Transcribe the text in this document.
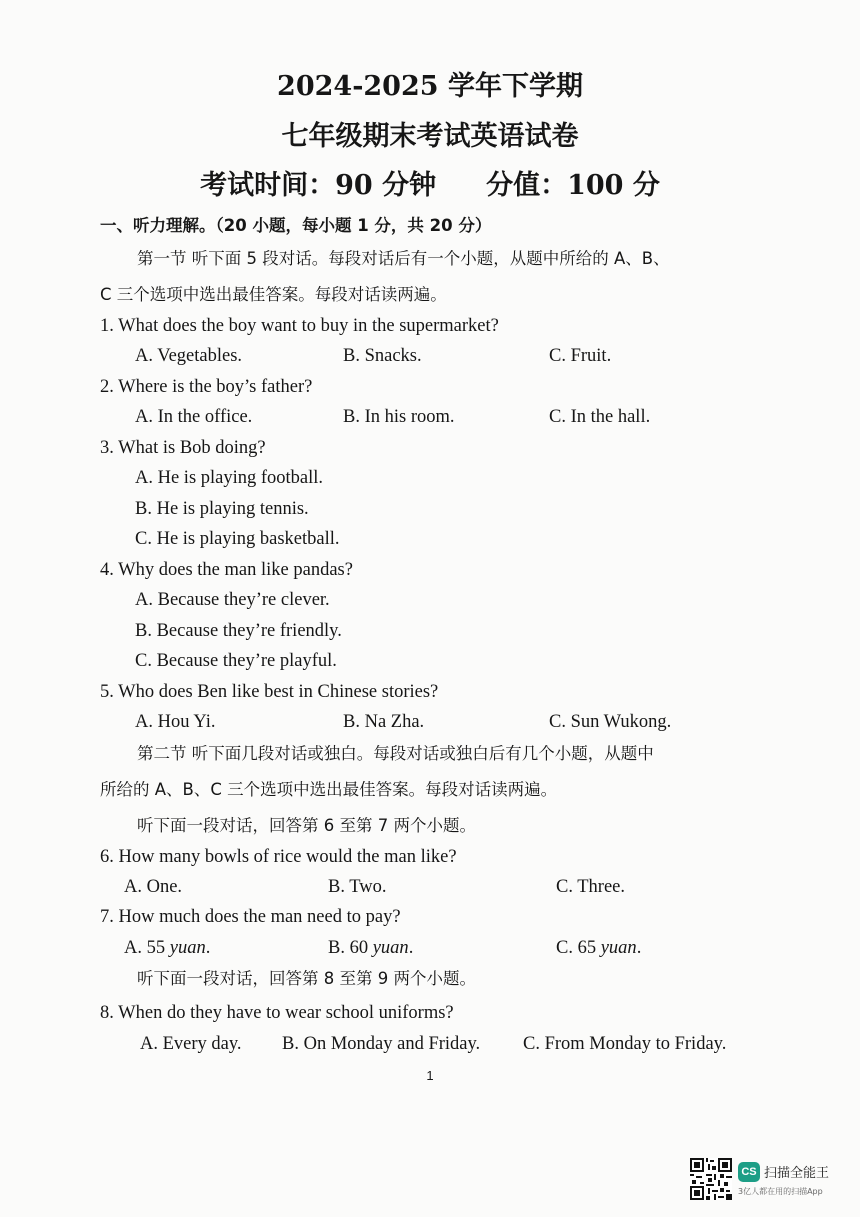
2024-2025 学年下学期
七年级期末考试英语试卷
考试时间：90 分钟 分值：100 分
一、听力理解。（20 小题，每小题 1 分，共 20 分）
第一节 听下面 5 段对话。每段对话后有一个小题，从题中所给的 A、B、
C 三个选项中选出最佳答案。每段对话读两遍。
1. What does the boy want to buy in the supermarket?
A. Vegetables.	B. Snacks.	C. Fruit.
2. Where is the boy’s father?
A. In the office.	B. In his room.	C. In the hall.
3. What is Bob doing?
A. He is playing football.
B. He is playing tennis.
C. He is playing basketball.
4. Why does the man like pandas?
A. Because they’re clever.
B. Because they’re friendly.
C. Because they’re playful.
5. Who does Ben like best in Chinese stories?
A. Hou Yi.	B. Na Zha.	C. Sun Wukong.
第二节 听下面几段对话或独白。每段对话或独白后有几个小题，从题中
所给的 A、B、C 三个选项中选出最佳答案。每段对话读两遍。
听下面一段对话，回答第 6 至第 7 两个小题。
6. How many bowls of rice would the man like?
A. One.	B. Two.	C. Three.
7. How much does the man need to pay?
A. 55 yuan.	B. 60 yuan.	C. 65 yuan.
听下面一段对话，回答第 8 至第 9 两个小题。
8. When do they have to wear school uniforms?
A. Every day. B. On Monday and Friday. C. From Monday to Friday.
1
CS 扫描全能王
3亿人都在用的扫描App
